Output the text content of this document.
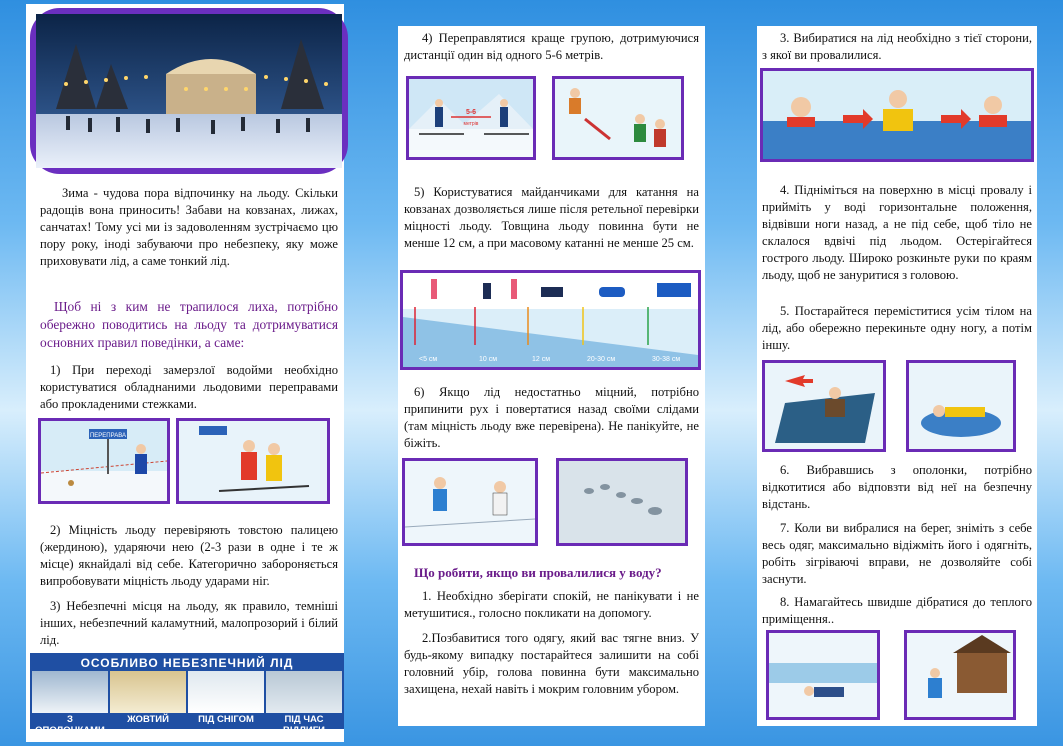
Зима - чудова пора відпочинку на льоду. Скільки радощів вона приносить! Забави на ковзанах, лижах, санчатах! Тому усі ми із задоволенням зустрічаємо цю пору року, іноді забуваючи про небезпеку, яку може приховувати лід, а саме тонкий лід.

Щоб ні з ким не трапилося лиха, потрібно обережно поводитись на льоду та дотримуватися основних правил поведінки, а саме:

1) При переході замерзлої водойми необхідно користуватися обладнаними льодовими переправами або прокладеними стежками.

ПЕРЕПРАВА

2) Міцність льоду перевіряють товстою палицею (жердиною), ударяючи нею (2-3 рази в одне і те ж місце) якнайдалі від себе. Категорично забороняється випробовувати міцність льоду ударами ніг.

3) Небезпечні місця на льоду, як правило, темніші інших, небезпечний каламутний, малопрозорий і білий лід.

ОСОБЛИВО НЕБЕЗПЕЧНИЙ ЛІД
З ОПОЛОНКАМИ
ЖОВТИЙ	ПІД СНІГОМ	ПІД ЧАС ВІДЛИГИ

4) Переправлятися краще групою, дотримуючися дистанції один від одного 5-6 метрів.

5-6
метрів

5) Користуватися майданчиками для катання на ковзанах дозволяється лише після ретельної перевірки міцності льоду. Товщина льоду повинна бути не менше 12 см, а при масовому катанні не менше 25 см.

<5 см	10 см	12 см	20-30 см	30-38 см

6) Якщо лід недостатньо міцний, потрібно припинити рух і повертатися назад своїми слідами (там міцність льоду вже перевірена). Не панікуйте, не біжіть.

Що робити, якщо ви провалилися у воду?

1. Необхідно зберігати спокій, не панікувати і не метушитися., голосно покликати на допомогу.

2.Позбавитися того одягу, який вас тягне вниз. У будь-якому випадку постарайтеся залишити на собі головний убір, голова повинна бути максимально захищена, нехай навіть і мокрим головним убором.

3. Вибиратися на лід необхідно з тієї сторони, з якої ви провалилися.

4. Підніміться на поверхню в місці провалу і прийміть у воді горизонтальне положення, відвівши ноги назад, а не під себе, щоб тіло не склалося вдвічі під льодом. Остерігайтеся гострого льоду. Широко розкиньте руки по краям льоду, щоб не зануритися з головою.

5. Постарайтеся переміститися усім тілом на лід, або обережно перекиньте одну ногу, а потім іншу.

6. Вибравшись з ополонки, потрібно відкотитися або відповзти від неї на безпечну відстань.

7. Коли ви вибралися на берег, зніміть з себе весь одяг, максимально відіжміть його і одягніть, робіть зігріваючі вправи, не дозволяйте собі заснути.

8. Намагайтесь швидше дібратися до теплого приміщення..
